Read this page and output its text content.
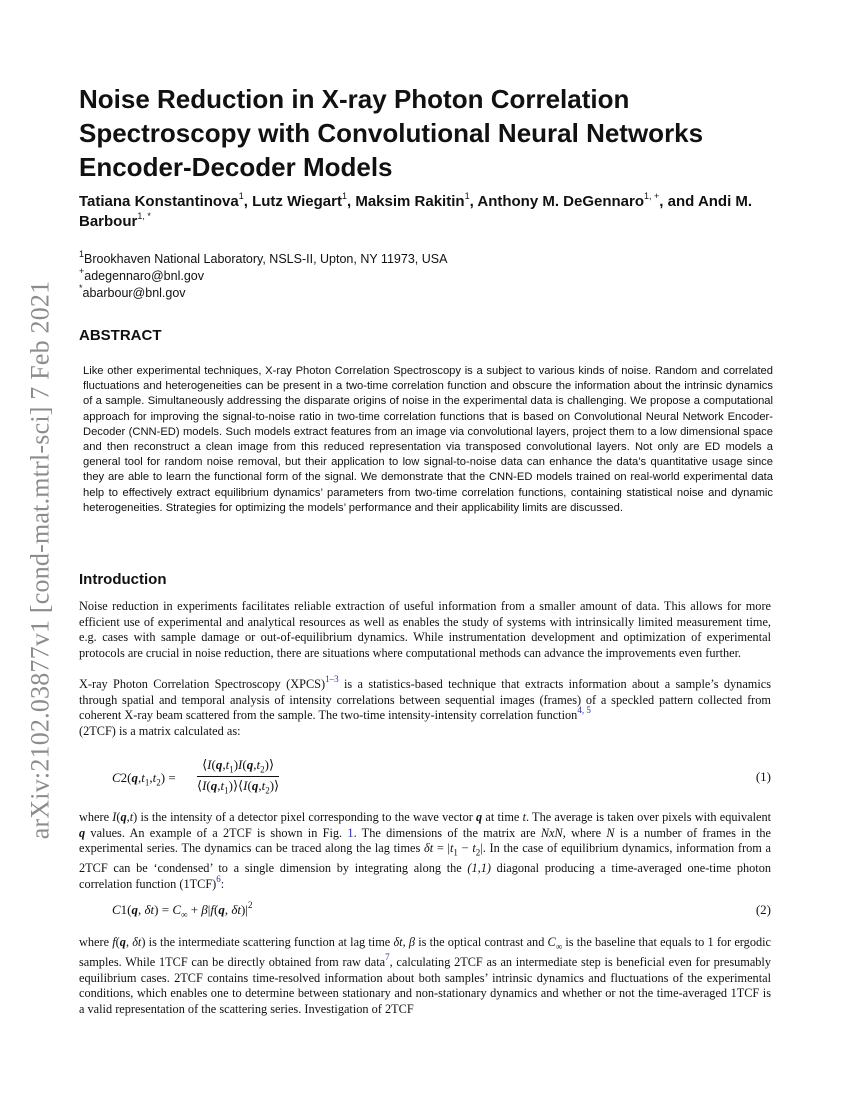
arXiv:2102.03877v1 [cond-mat.mtrl-sci] 7 Feb 2021
Noise Reduction in X-ray Photon Correlation Spectroscopy with Convolutional Neural Networks Encoder-Decoder Models

Tatiana Konstantinova$^1$, Lutz Wiegart$^1$, Maksim Rakitin$^1$, Anthony M. DeGennaro$^{1, +}$, and Andi M. Barbour$^{1, *}$

$^1$Brookhaven National Laboratory, NSLS-II, Upton, NY 11973, USA
+adegennaro@bnl.gov
*abarbour@bnl.gov
ABSTRACT

Like other experimental techniques, X-ray Photon Correlation Spectroscopy is a subject to various kinds of noise. Random and correlated fluctuations and heterogeneities can be present in a two-time correlation function and obscure the information about the intrinsic dynamics of a sample. Simultaneously addressing the disparate origins of noise in the experimental data is challenging. We propose a computational approach for improving the signal-to-noise ratio in two-time correlation functions that is based on Convolutional Neural Network Encoder-Decoder (CNN-ED) models. Such models extract features from an image via convolutional layers, project them to a low dimensional space and then reconstruct a clean image from this reduced representation via transposed convolutional layers. Not only are ED models a general tool for random noise removal, but their application to low signal-to-noise data can enhance the data’s quantitative usage since they are able to learn the functional form of the signal. We demonstrate that the CNN-ED models trained on real-world experimental data help to effectively extract equilibrium dynamics’ parameters from two-time correlation functions, containing statistical noise and dynamic heterogeneities. Strategies for optimizing the models’ performance and their applicability limits are discussed.

Introduction

Noise reduction in experiments facilitates reliable extraction of useful information from a smaller amount of data. This allows for more efficient use of experimental and analytical resources as well as enables the study of systems with intrinsically limited measurement time, e.g. cases with sample damage or out-of-equilibrium dynamics. While instrumentation development and optimization of experimental protocols are crucial in noise reduction, there are situations where computational methods can advance the improvements even further.

X-ray Photon Correlation Spectroscopy (XPCS)$^{1-3}$ is a statistics-based technique that extracts information about a sample’s dynamics through spatial and temporal analysis of intensity correlations between sequential images (frames) of a speckled pattern collected from coherent X-ray beam scattered from the sample. The two-time intensity-intensity correlation function$^{4, 5}$
(2TCF) is a matrix calculated as:

$C2(q,t_1,t_2) = \frac{⟨I(q,t_1)I(q,t_2)⟩}{⟨I(q,t_1)⟩⟨I(q,t_2)⟩}$	(1)

where I(q,t) is the intensity of a detector pixel corresponding to the wave vector q at time t. The average is taken over pixels with equivalent q values. An example of a 2TCF is shown in Fig. 1. The dimensions of the matrix are NxN, where N is a number of frames in the experimental series. The dynamics can be traced along the lag times $\delta t = |t_1 - t_2|$. In the case of equilibrium dynamics, information from a 2TCF can be ‘condensed’ to a single dimension by integrating along the (1,1) diagonal producing a time-averaged one-time photon correlation function (1TCF)$^6$:

C1(q, $\delta t) = C_\infty + \beta|f(q$, $\delta t)|^2$	(2)

where f(q, δt) is the intermediate scattering function at lag time δt, β is the optical contrast and $C_\infty$ is the baseline that equals to 1 for ergodic samples. While 1TCF can be directly obtained from raw data$^7$, calculating 2TCF as an intermediate step is beneficial even for presumably equilibrium cases. 2TCF contains time-resolved information about both samples’ intrinsic dynamics and fluctuations of the experimental conditions, which enables one to determine between stationary and non-stationary dynamics and whether or not the time-averaged 1TCF is a valid representation of the scattering series. Investigation of 2TCF
